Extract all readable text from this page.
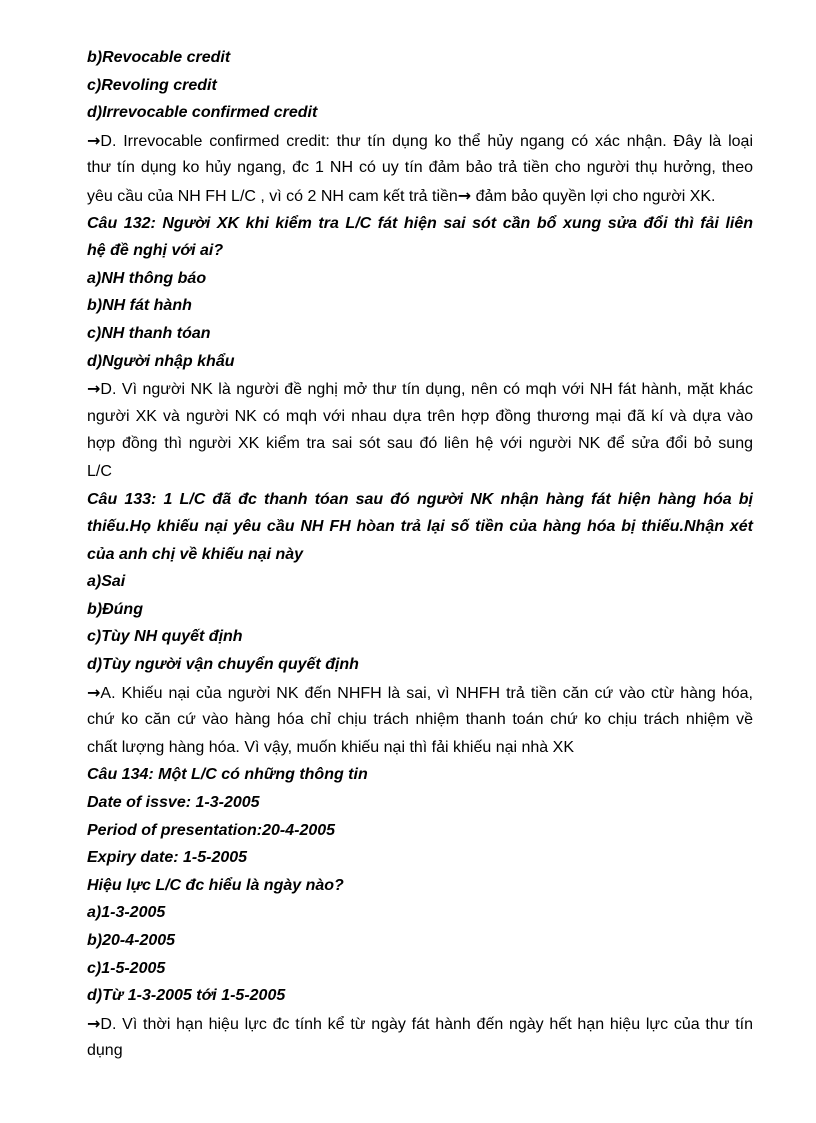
b)Revocable credit
c)Revoling credit
d)Irrevocable confirmed credit
→D. Irrevocable confirmed credit: thư tín dụng ko thể hủy ngang có xác nhận. Đây là loại
thư tín dụng ko hủy ngang, đc 1 NH có uy tín đảm bảo trả tiền cho người thụ hưởng, theo
yêu cầu của NH FH L/C , vì có 2 NH cam kết trả tiền→ đảm bảo quyền lợi cho người XK.
Câu 132: Người XK khi kiểm tra L/C fát hiện sai sót cần bổ xung sửa đổi thì fải liên
hệ đề nghị với ai?
a)NH thông báo
b)NH fát hành
c)NH thanh tóan
d)Người nhập khẩu
→D. Vì người NK là người đề nghị mở thư tín dụng, nên có mqh với NH fát hành, mặt khác
người XK và người NK có mqh với nhau dựa trên hợp đồng thương mại đã kí và dựa vào
hợp đồng thì người XK kiểm tra sai sót sau đó liên hệ với người NK để sửa đổi bỏ sung
L/C
Câu 133: 1 L/C đã đc thanh tóan sau đó người NK nhận hàng fát hiện hàng hóa bị
thiếu.Họ khiếu nại yêu cầu NH FH hòan trả lại số tiền của hàng hóa bị thiếu.Nhận xét
của anh chị về khiếu nại này
a)Sai
b)Đúng
c)Tùy NH quyết định
d)Tùy người vận chuyển quyết định
→A. Khiếu nại của người NK đến NHFH là sai, vì NHFH trả tiền căn cứ vào ctừ hàng hóa,
chứ ko căn cứ vào hàng hóa chỉ chịu trách nhiệm thanh toán chứ ko chịu trách nhiệm về
chất lượng hàng hóa. Vì vậy, muốn khiếu nại thì fải khiếu nại nhà XK
Câu 134: Một L/C có những thông tin
Date of issve: 1-3-2005
Period of presentation:20-4-2005
Expiry date: 1-5-2005
Hiệu lực L/C đc hiểu là ngày nào?
a)1-3-2005
b)20-4-2005
c)1-5-2005
d)Từ 1-3-2005 tới 1-5-2005
→D. Vì thời hạn hiệu lực đc tính kể từ ngày fát hành đến ngày hết hạn hiệu lực của thư tín
dụng
